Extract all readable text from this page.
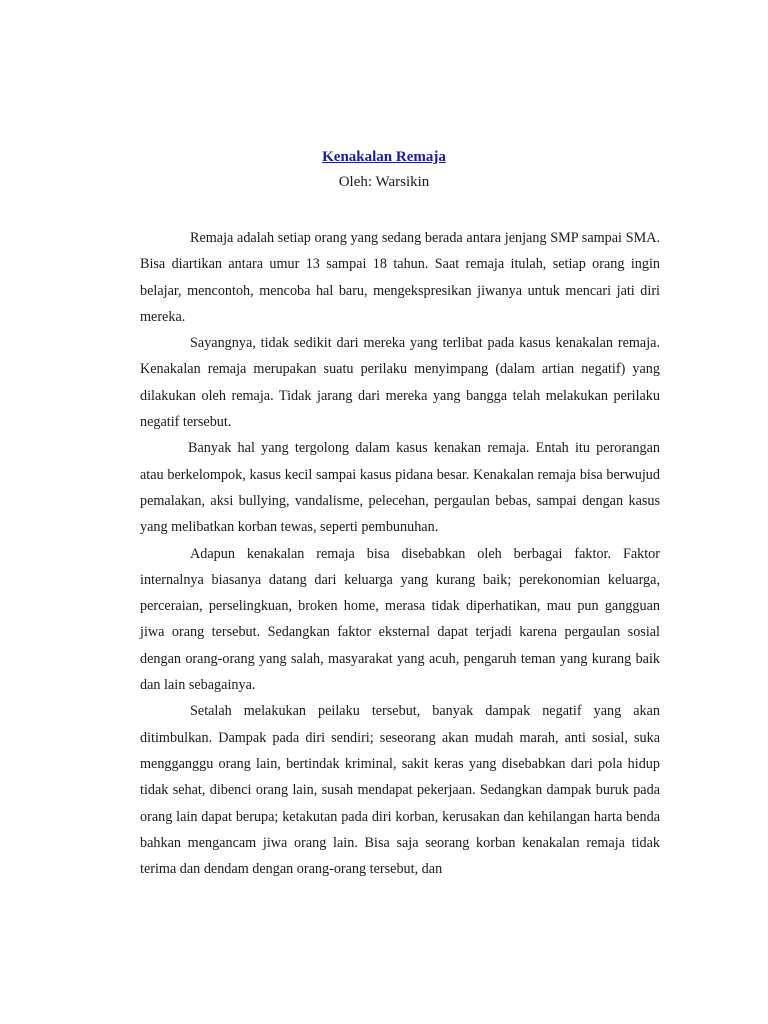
Kenakalan Remaja
Oleh: Warsikin

Remaja adalah setiap orang yang sedang berada antara jenjang SMP sampai SMA. Bisa diartikan antara umur 13 sampai 18 tahun. Saat remaja itulah, setiap orang ingin belajar, mencontoh, mencoba hal baru, mengekspresikan jiwanya untuk mencari jati diri mereka.

Sayangnya, tidak sedikit dari mereka yang terlibat pada kasus kenakalan remaja. Kenakalan remaja merupakan suatu perilaku menyimpang (dalam artian negatif) yang dilakukan oleh remaja. Tidak jarang dari mereka yang bangga telah melakukan perilaku negatif tersebut.

Banyak hal yang tergolong dalam kasus kenakan remaja. Entah itu perorangan atau berkelompok, kasus kecil sampai kasus pidana besar. Kenakalan remaja bisa berwujud pemalakan, aksi bullying, vandalisme, pelecehan, pergaulan bebas, sampai dengan kasus yang melibatkan korban tewas, seperti pembunuhan.

Adapun kenakalan remaja bisa disebabkan oleh berbagai faktor. Faktor internalnya biasanya datang dari keluarga yang kurang baik; perekonomian keluarga, perceraian, perselingkuan, broken home, merasa tidak diperhatikan, mau pun gangguan jiwa orang tersebut. Sedangkan faktor eksternal dapat terjadi karena pergaulan sosial dengan orang-orang yang salah, masyarakat yang acuh, pengaruh teman yang kurang baik dan lain sebagainya.

Setalah melakukan peilaku tersebut, banyak dampak negatif yang akan ditimbulkan. Dampak pada diri sendiri; seseorang akan mudah marah, anti sosial, suka mengganggu orang lain, bertindak kriminal, sakit keras yang disebabkan dari pola hidup tidak sehat, dibenci orang lain, susah mendapat pekerjaan. Sedangkan dampak buruk pada orang lain dapat berupa; ketakutan pada diri korban, kerusakan dan kehilangan harta benda bahkan mengancam jiwa orang lain. Bisa saja seorang korban kenakalan remaja tidak terima dan dendam dengan orang-orang tersebut, dan
